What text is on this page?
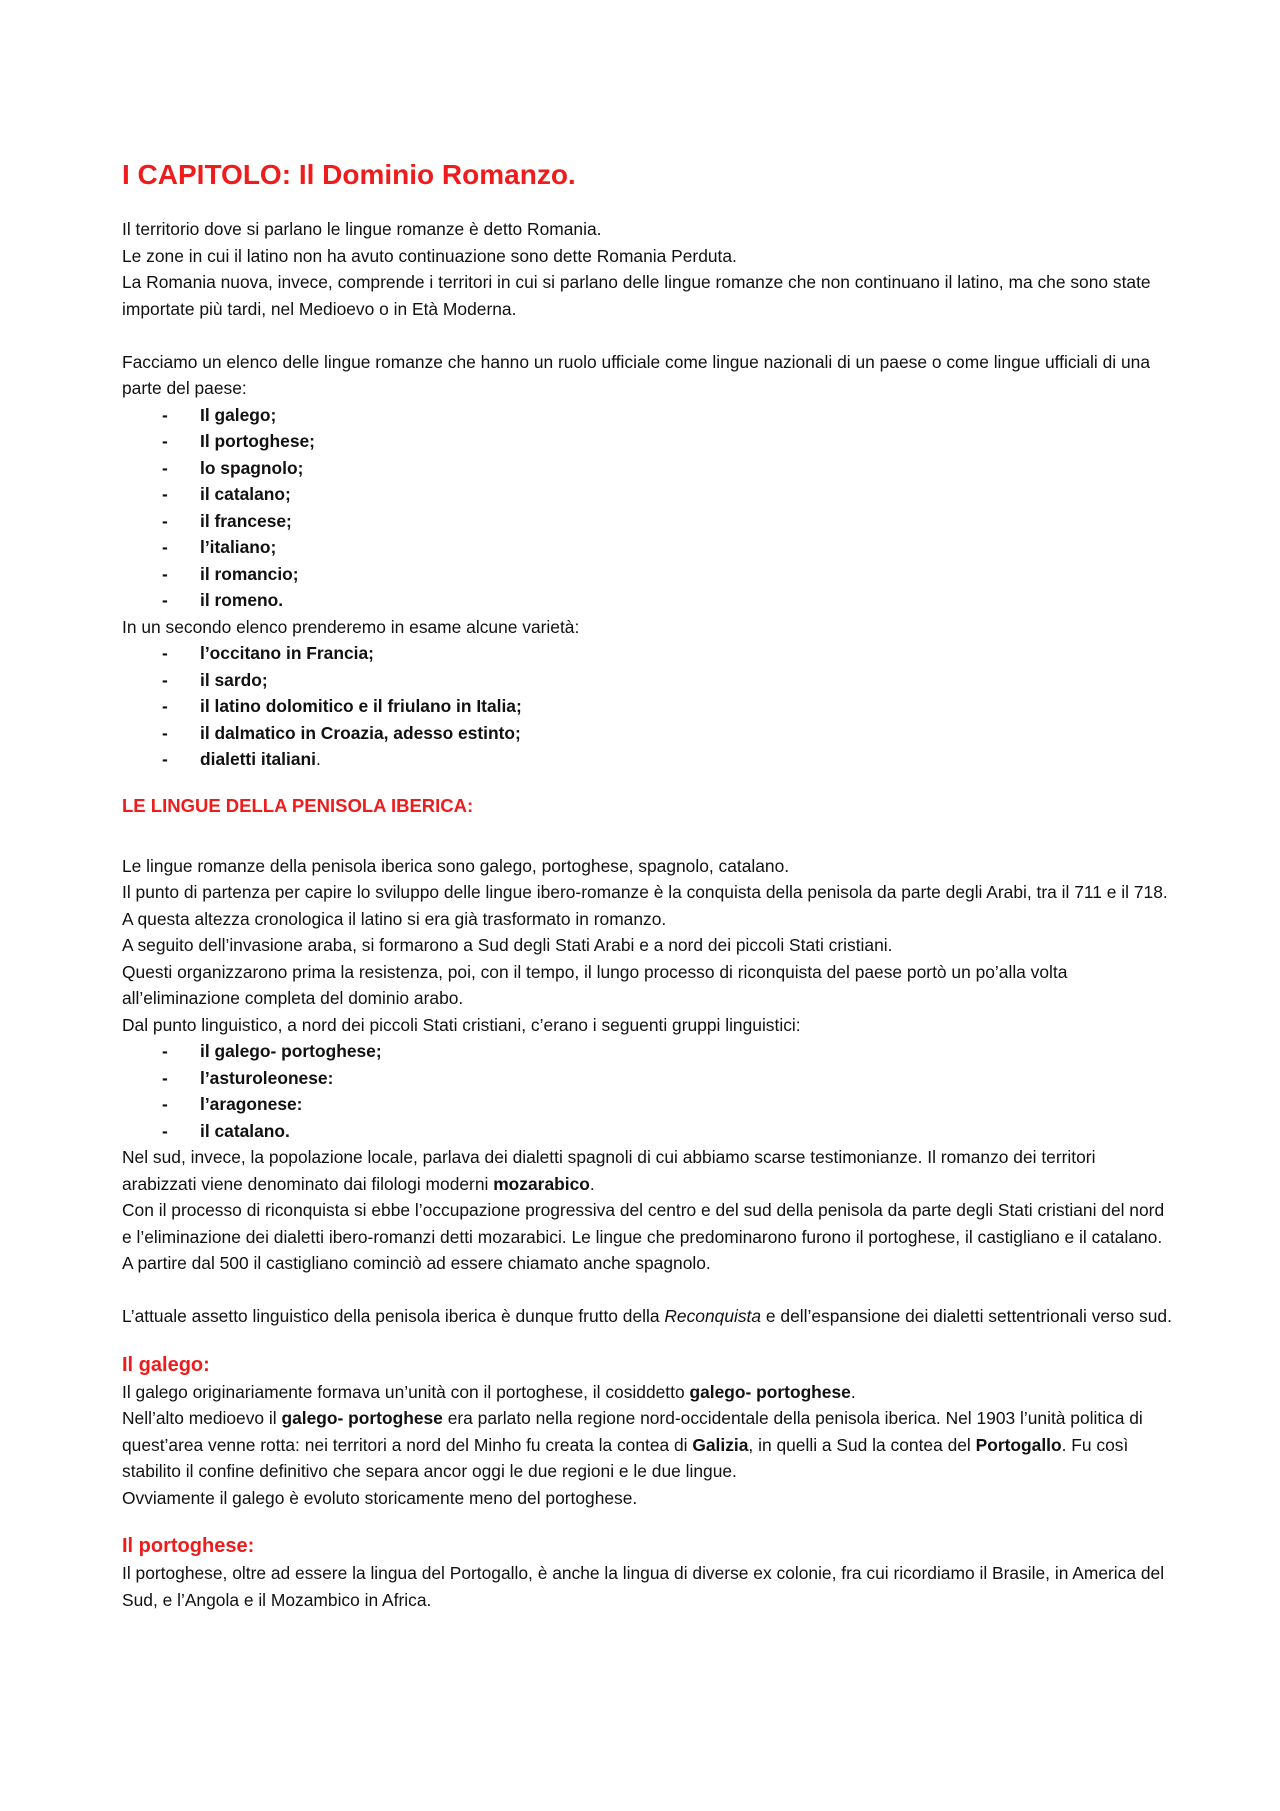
I CAPITOLO: Il Dominio Romanzo.

Il territorio dove si parlano le lingue romanze è detto Romania.

Le zone in cui il latino non ha avuto continuazione sono dette Romania Perduta.

La Romania nuova, invece, comprende i territori in cui si parlano delle lingue romanze che non continuano il latino, ma che sono state importate più tardi, nel Medioevo o in Età Moderna.

Facciamo un elenco delle lingue romanze che hanno un ruolo ufficiale come lingue nazionali di un paese o come lingue ufficiali di una parte del paese:

- Il galego;
- Il portoghese;
- lo spagnolo;
- il catalano;
- il francese;
- l’italiano;
- il romancio;
- il romeno.

In un secondo elenco prenderemo in esame alcune varietà:

- l’occitano in Francia;
- il sardo;
- il latino dolomitico e il friulano in Italia;
- il dalmatico in Croazia, adesso estinto;
- dialetti italiani.
LE LINGUE DELLA PENISOLA IBERICA:

Le lingue romanze della penisola iberica sono galego, portoghese, spagnolo, catalano.

Il punto di partenza per capire lo sviluppo delle lingue ibero-romanze è la conquista della penisola da parte degli Arabi, tra il 711 e il 718. A questa altezza cronologica il latino si era già trasformato in romanzo.

A seguito dell’invasione araba, si formarono a Sud degli Stati Arabi e a nord dei piccoli Stati cristiani.

Questi organizzarono prima la resistenza, poi, con il tempo, il lungo processo di riconquista del paese portò un po’alla volta all’eliminazione completa del dominio arabo.

Dal punto linguistico, a nord dei piccoli Stati cristiani, c’erano i seguenti gruppi linguistici:

- il galego- portoghese;
- l’asturoleonese:
- l’aragonese:
- il catalano.

Nel sud, invece, la popolazione locale, parlava dei dialetti spagnoli di cui abbiamo scarse testimonianze. Il romanzo dei territori arabizzati viene denominato dai filologi moderni mozarabico.

Con il processo di riconquista si ebbe l’occupazione progressiva del centro e del sud della penisola da parte degli Stati cristiani del nord e l’eliminazione dei dialetti ibero-romanzi detti mozarabici. Le lingue che predominarono furono il portoghese, il castigliano e il catalano. A partire dal 500 il castigliano cominciò ad essere chiamato anche spagnolo.

L’attuale assetto linguistico della penisola iberica è dunque frutto della Reconquista e dell’espansione dei dialetti settentrionali verso sud.

Il galego:

Il galego originariamente formava un’unità con il portoghese, il cosiddetto galego- portoghese.

Nell’alto medioevo il galego- portoghese era parlato nella regione nord-occidentale della penisola iberica. Nel 1903 l’unità politica di quest’area venne rotta: nei territori a nord del Minho fu creata la contea di Galizia, in quelli a Sud la contea del Portogallo. Fu così stabilito il confine definitivo che separa ancor oggi le due regioni e le due lingue.

Ovviamente il galego è evoluto storicamente meno del portoghese.

Il portoghese:

Il portoghese, oltre ad essere la lingua del Portogallo, è anche la lingua di diverse ex colonie, fra cui ricordiamo il Brasile, in America del Sud, e l’Angola e il Mozambico in Africa.
